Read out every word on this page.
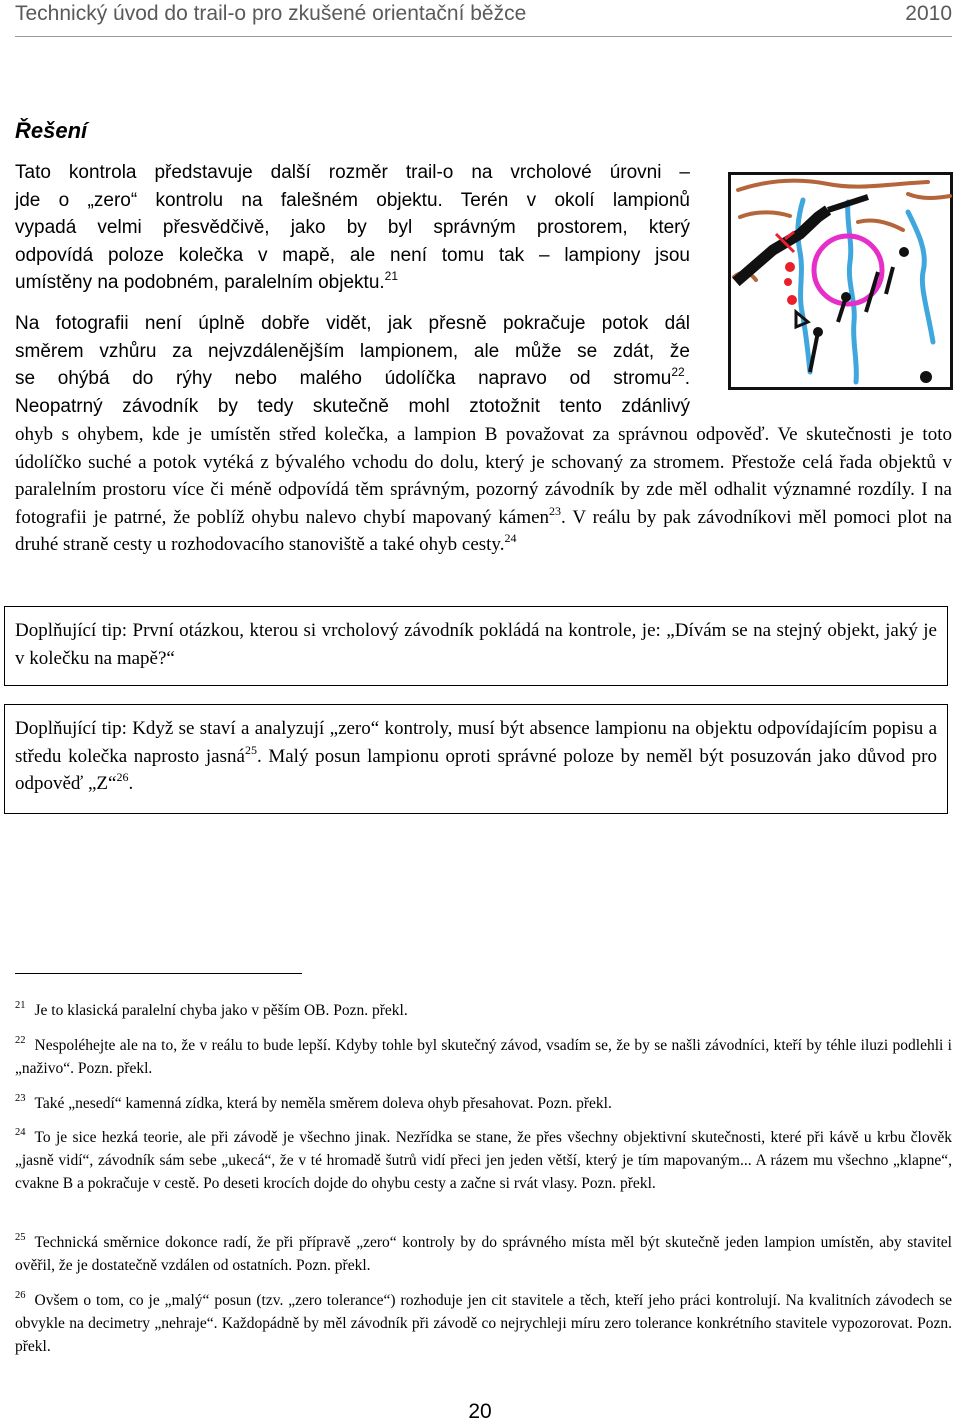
Technický úvod do trail-o pro zkušené orientační běžce	2010
Řešení
Tato kontrola představuje další rozměr trail-o na vrcholové úrovni –
jde o „zero“ kontrolu na falešném objektu. Terén v okolí lampionů
vypadá velmi přesvědčivě, jako by byl správným prostorem, který
odpovídá poloze kolečka v mapě, ale není tomu tak – lampiony jsou
umístěny na podobném, paralelním objektu.$^{21}$
Na fotografii není úplně dobře vidět, jak přesně pokračuje potok dál
směrem vzhůru za nejvzdálenějším lampionem, ale může se zdát, že
se ohýbá do rýhy nebo malého údolíčka napravo od stromu$^{22}$.
Neopatrný závodník by tedy skutečně mohl ztotožnit tento zdánlivý

ohyb s ohybem, kde je umístěn střed kolečka, a lampion B považovat za správnou odpověď. Ve skutečnosti je toto údolíčko suché a potok vytéká z bývalého vchodu do dolu, který je schovaný za stromem. Přestože celá řada objektů v paralelním prostoru více či méně odpovídá těm správným, pozorný závodník by zde měl odhalit významné rozdíly. I na fotografii je patrné, že poblíž ohybu nalevo chybí mapovaný kámen$^{23}$. V reálu by pak závodníkovi měl pomoci plot na druhé straně cesty u rozhodovacího stanoviště a také ohyb cesty.$^{24}$

Doplňující tip: První otázkou, kterou si vrcholový závodník pokládá na kontrole, je: „Dívám se na stejný objekt, jaký je v kolečku na mapě?“
Doplňující tip: Když se staví a analyzují „zero“ kontroly, musí být absence lampionu na objektu odpovídajícím popisu a středu kolečka naprosto jasná$^{25}$. Malý posun lampionu oproti správné poloze by neměl být posuzován jako důvod pro odpověď „Z“$^{26}$.

$^{21}$ Je to klasická paralelní chyba jako v pěším OB. Pozn. překl.

$^{22}$ Nespoléhejte ale na to, že v reálu to bude lepší. Kdyby tohle byl skutečný závod, vsadím se, že by se našli závodníci, kteří by téhle iluzi podlehli i „naživo“. Pozn. překl.

$^{23}$ Také „nesedí“ kamenná zídka, která by neměla směrem doleva ohyb přesahovat. Pozn. překl.

$^{24}$ To je sice hezká teorie, ale při závodě je všechno jinak. Nezřídka se stane, že přes všechny objektivní skutečnosti, které při kávě u krbu člověk „jasně vidí“, závodník sám sebe „ukecá“, že v té hromadě šutrů vidí přeci jen jeden větší, který je tím mapovaným... A rázem mu všechno „klapne“, cvakne B a pokračuje v cestě. Po deseti krocích dojde do ohybu cesty a začne si rvát vlasy. Pozn. překl.

$^{25}$ Technická směrnice dokonce radí, že při přípravě „zero“ kontroly by do správného místa měl být skutečně jeden lampion umístěn, aby stavitel ověřil, že je dostatečně vzdálen od ostatních. Pozn. překl.

$^{26}$ Ovšem o tom, co je „malý“ posun (tzv. „zero tolerance“) rozhoduje jen cit stavitele a těch, kteří jeho práci kontrolují. Na kvalitních závodech se obvykle na decimetry „nehraje“. Každopádně by měl závodník při závodě co nejrychleji míru zero tolerance konkrétního stavitele vypozorovat. Pozn. překl.

20
